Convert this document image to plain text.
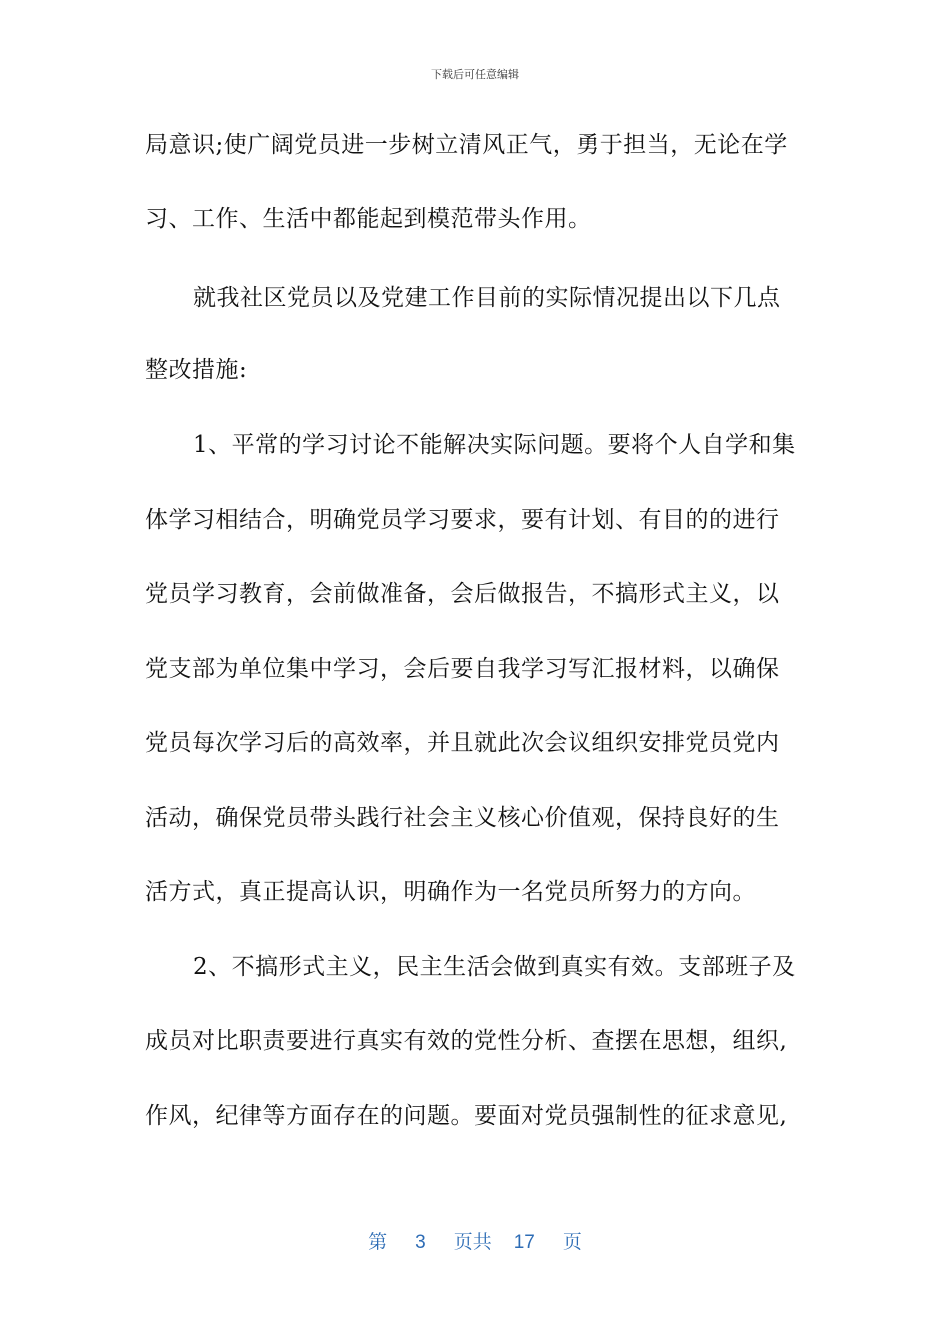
下载后可任意编辑
局意识;使广阔党员进一步树立清风正气，勇于担当，无论在学
习、工作、生活中都能起到模范带头作用。
就我社区党员以及党建工作目前的实际情况提出以下几点
整改措施:
1、平常的学习讨论不能解决实际问题。要将个人自学和集
体学习相结合，明确党员学习要求，要有计划、有目的的进行
党员学习教育，会前做准备，会后做报告，不搞形式主义，以
党支部为单位集中学习，会后要自我学习写汇报材料，以确保
党员每次学习后的高效率，并且就此次会议组织安排党员党内
活动，确保党员带头践行社会主义核心价值观，保持良好的生
活方式，真正提高认识，明确作为一名党员所努力的方向。
2、不搞形式主义，民主生活会做到真实有效。支部班子及
成员对比职责要进行真实有效的党性分析、查摆在思想，组织,
作风，纪律等方面存在的问题。要面对党员强制性的征求意见,
第 3 页共 17 页
